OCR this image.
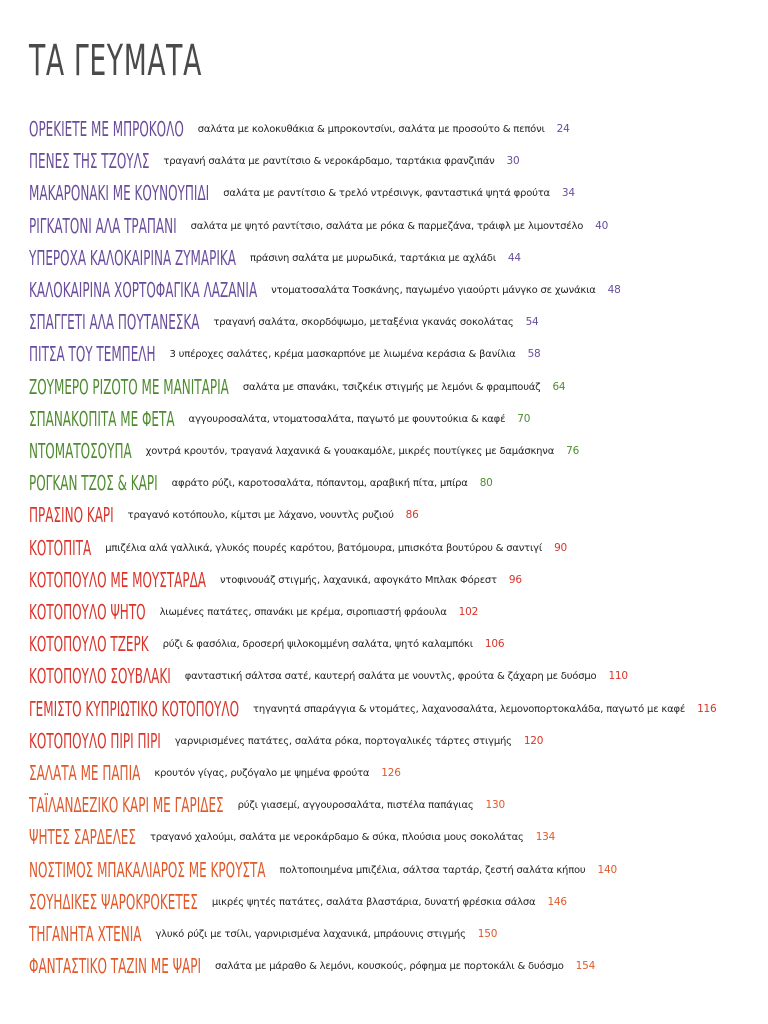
ΤΑ ΓΕΥΜΑΤΑ
ΟΡΕΚΙΕΤΕ ΜΕ ΜΠΡΟΚΟΛΟ σαλάτα με κολοκυθάκια & μπροκοντσίνι, σαλάτα με προσούτο & πεπόνι 24
ΠΕΝΕΣ ΤΗΣ ΤΖΟΥΛΣ τραγανή σαλάτα με ραντίτσιο & νεροκάρδαμο, ταρτάκια φρανζιπάν 30
ΜΑΚΑΡΟΝΑΚΙ ΜΕ ΚΟΥΝΟΥΠΙΔΙ σαλάτα με ραντίτσιο & τρελό ντρέσινγκ, φανταστικά ψητά φρούτα 34
ΡΙΓΚΑΤΟΝΙ ΑΛΑ ΤΡΑΠΑΝΙ σαλάτα με ψητό ραντίτσιο, σαλάτα με ρόκα & παρμεζάνα, τράιφλ με λιμοντσέλο 40
ΥΠΕΡΟΧΑ ΚΑΛΟΚΑΙΡΙΝΑ ΖΥΜΑΡΙΚΑ πράσινη σαλάτα με μυρωδικά, ταρτάκια με αχλάδι 44
ΚΑΛΟΚΑΙΡΙΝΑ ΧΟΡΤΟΦΑΓΙΚΑ ΛΑΖΑΝΙΑ ντοματοσαλάτα Τοσκάνης, παγωμένο γιαούρτι μάνγκο σε χωνάκια 48
ΣΠΑΓΓΕΤΙ ΑΛΑ ΠΟΥΤΑΝΕΣΚΑ τραγανή σαλάτα, σκορδόψωμο, μεταξένια γκανάς σοκολάτας 54
ΠΙΤΣΑ ΤΟΥ ΤΕΜΠΕΛΗ 3 υπέροχες σαλάτες, κρέμα μασκαρπόνε με λιωμένα κεράσια & βανίλια 58
ΖΟΥΜΕΡΟ ΡΙΖΟΤΟ ΜΕ ΜΑΝΙΤΑΡΙΑ σαλάτα με σπανάκι, τσιζκέικ στιγμής με λεμόνι & φραμπουάζ 64
ΣΠΑΝΑΚΟΠΙΤΑ ΜΕ ΦΕΤΑ αγγουροσαλάτα, ντοματοσαλάτα, παγωτό με φουντούκια & καφέ 70
ΝΤΟΜΑΤΟΣΟΥΠΑ χοντρά κρουτόν, τραγανά λαχανικά & γουακαμόλε, μικρές πουτίγκες με δαμάσκηνα 76
ΡΟΓΚΑΝ ΤΖΟΣ & ΚΑΡΙ αφράτο ρύζι, καροτοσαλάτα, πόπαντομ, αραβική πίτα, μπίρα 80
ΠΡΑΣΙΝΟ ΚΑΡΙ τραγανό κοτόπουλο, κίμτσι με λάχανο, νουντλς ρυζιού 86
ΚΟΤΟΠΙΤΑ μπιζέλια αλά γαλλικά, γλυκός πουρές καρότου, βατόμουρα, μπισκότα βουτύρου & σαντιγί 90
ΚΟΤΟΠΟΥΛΟ ΜΕ ΜΟΥΣΤΑΡΔΑ ντοφινουάζ στιγμής, λαχανικά, αφογκάτο Μπλακ Φόρεστ 96
ΚΟΤΟΠΟΥΛΟ ΨΗΤΟ λιωμένες πατάτες, σπανάκι με κρέμα, σιροπιαστή φράουλα 102
ΚΟΤΟΠΟΥΛΟ ΤΖΕΡΚ ρύζι & φασόλια, δροσερή ψιλοκομμένη σαλάτα, ψητό καλαμπόκι 106
ΚΟΤΟΠΟΥΛΟ ΣΟΥΒΛΑΚΙ φανταστική σάλτσα σατέ, καυτερή σαλάτα με νουντλς, φρούτα & ζάχαρη με δυόσμο 110
ΓΕΜΙΣΤΟ ΚΥΠΡΙΩΤΙΚΟ ΚΟΤΟΠΟΥΛΟ τηγανητά σπαράγγια & ντομάτες, λαχανοσαλάτα, λεμονοπορτοκαλάδα, παγωτό με καφέ 116
ΚΟΤΟΠΟΥΛΟ ΠΙΡΙ ΠΙΡΙ γαρνιρισμένες πατάτες, σαλάτα ρόκα, πορτογαλικές τάρτες στιγμής 120
ΣΑΛΑΤΑ ΜΕ ΠΑΠΙΑ κρουτόν γίγας, ρυζόγαλο με ψημένα φρούτα 126
ΤΑΪΛΑΝΔΕΖΙΚΟ ΚΑΡΙ ΜΕ ΓΑΡΙΔΕΣ ρύζι γιασεμί, αγγουροσαλάτα, πιστέλα παπάγιας 130
ΨΗΤΕΣ ΣΑΡΔΕΛΕΣ τραγανό χαλούμι, σαλάτα με νεροκάρδαμο & σύκα, πλούσια μους σοκολάτας 134
ΝΟΣΤΙΜΟΣ ΜΠΑΚΑΛΙΑΡΟΣ ΜΕ ΚΡΟΥΣΤΑ πολτοποιημένα μπιζέλια, σάλτσα ταρτάρ, ζεστή σαλάτα κήπου 140
ΣΟΥΗΔΙΚΕΣ ΨΑΡΟΚΡΟΚΕΤΕΣ μικρές ψητές πατάτες, σαλάτα βλαστάρια, δυνατή φρέσκια σάλσα 146
ΤΗΓΑΝΗΤΑ ΧΤΕΝΙΑ γλυκό ρύζι με τσίλι, γαρνιρισμένα λαχανικά, μπράουνις στιγμής 150
ΦΑΝΤΑΣΤΙΚΟ ΤΑΖΙΝ ΜΕ ΨΑΡΙ σαλάτα με μάραθο & λεμόνι, κουσκούς, ρόφημα με πορτοκάλι & δυόσμο 154
